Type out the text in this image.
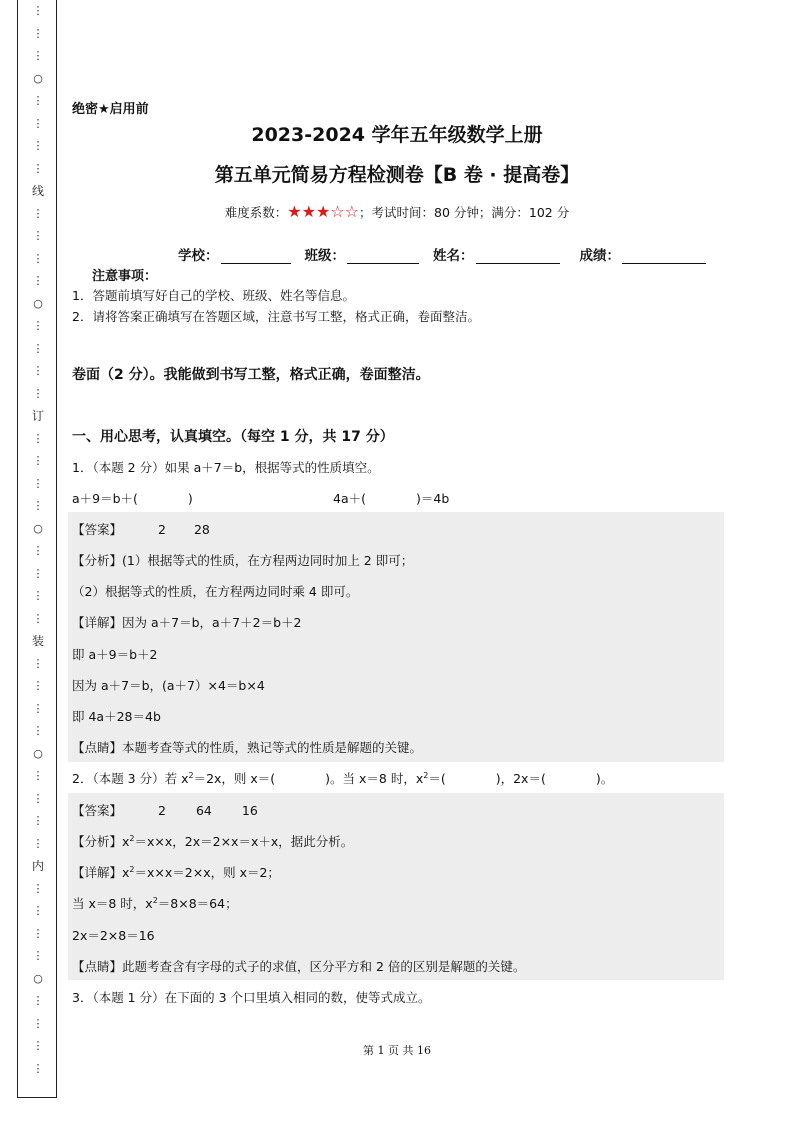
⋮
⋮
⋮
○
⋮
⋮
⋮
⋮
线
⋮
⋮
⋮
⋮
○
⋮
⋮
⋮
⋮
订
⋮
⋮
⋮
⋮
○
⋮
⋮
⋮
⋮
装
⋮
⋮
⋮
⋮
○
⋮
⋮
⋮
⋮
内
⋮
⋮
⋮
⋮
○
⋮
⋮
⋮
⋮
绝密★启用前
2023-2024 学年五年级数学上册
第五单元简易方程检测卷【B 卷 · 提高卷】
难度系数：★★★☆☆；考试时间：80 分钟；满分：102 分
学校：	班级：	姓名：	成绩：
注意事项：
1．答题前填写好自己的学校、班级、姓名等信息。
2．请将答案正确填写在答题区域，注意书写工整，格式正确，卷面整洁。
卷面（2 分）。我能做到书写工整，格式正确，卷面整洁。
一、用心思考，认真填空。（每空 1 分，共 17 分）
1．（本题 2 分）如果 a＋7＝b，根据等式的性质填空。
a＋9＝b＋(　　　　)	4a＋(　　　　)＝4b
【答案】	2 28
【分析】(1）根据等式的性质，在方程两边同时加上 2 即可；
（2）根据等式的性质，在方程两边同时乘 4 即可。
【详解】因为 a＋7＝b，a＋7＋2＝b＋2
即 a＋9＝b＋2
因为 a＋7＝b，(a＋7）×4＝b×4
即 4a＋28＝4b
【点睛】本题考查等式的性质，熟记等式的性质是解题的关键。
2．（本题 3 分）若 $x^2=2x$，则 x＝(　　　　)。当 x＝8 时，$x^2=$(　　　　)，2x＝(　　　　)。
【答案】	2 64 16
【分析】$x^2=x\times x$，2x＝2×x＝x＋x，据此分析。
【详解】$x^2=x\times x=2\times x$，则 x＝2；
当 x＝8 时，$x^2=8\times 8=64$；
2x＝2×8＝16
【点睛】此题考查含有字母的式子的求值，区分平方和 2 倍的区别是解题的关键。
3．（本题 1 分）在下面的 3 个口里填入相同的数，使等式成立。
第 1 页 共 16
